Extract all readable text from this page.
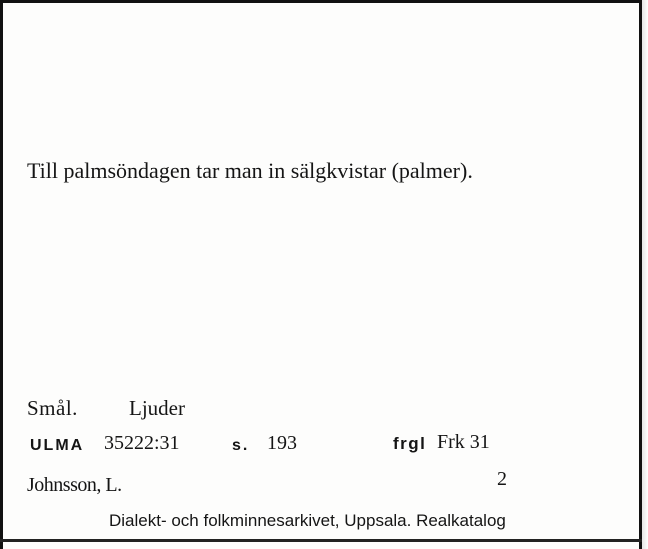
Till palmsöndagen tar man in sälgkvistar (palmer).
Smål. Ljuder
ULMA 35222:31	s. 193	frgl Frk 31
Johnsson, L.	2
Dialekt- och folkminnesarkivet, Uppsala. Realkatalog
